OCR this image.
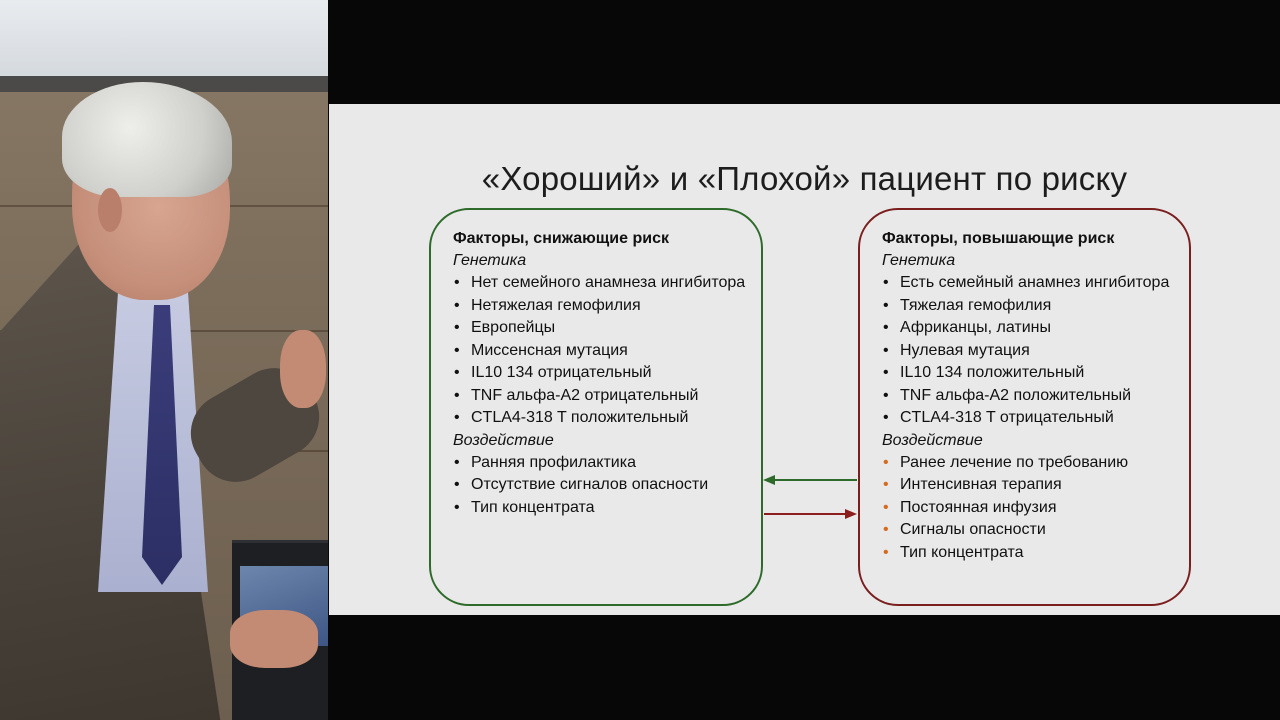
«Хороший» и «Плохой» пациент по риску
Факторы, снижающие риск
Генетика
• Нет семейного анамнеза ингибитора
• Нетяжелая гемофилия
• Европейцы
• Миссенсная мутация
• IL10 134 отрицательный
• TNF альфа-A2 отрицательный
• CTLA4-318 T положительный
Воздействие
• Ранняя профилактика
• Отсутствие сигналов опасности
• Тип концентрата
Факторы, повышающие риск
Генетика
• Есть семейный анамнез ингибитора
• Тяжелая гемофилия
• Африканцы, латины
• Нулевая мутация
• IL10 134 положительный
• TNF альфа-A2 положительный
• CTLA4-318 T отрицательный
Воздействие
• Ранее лечение по требованию
• Интенсивная терапия
• Постоянная инфузия
• Сигналы опасности
• Тип концентрата
